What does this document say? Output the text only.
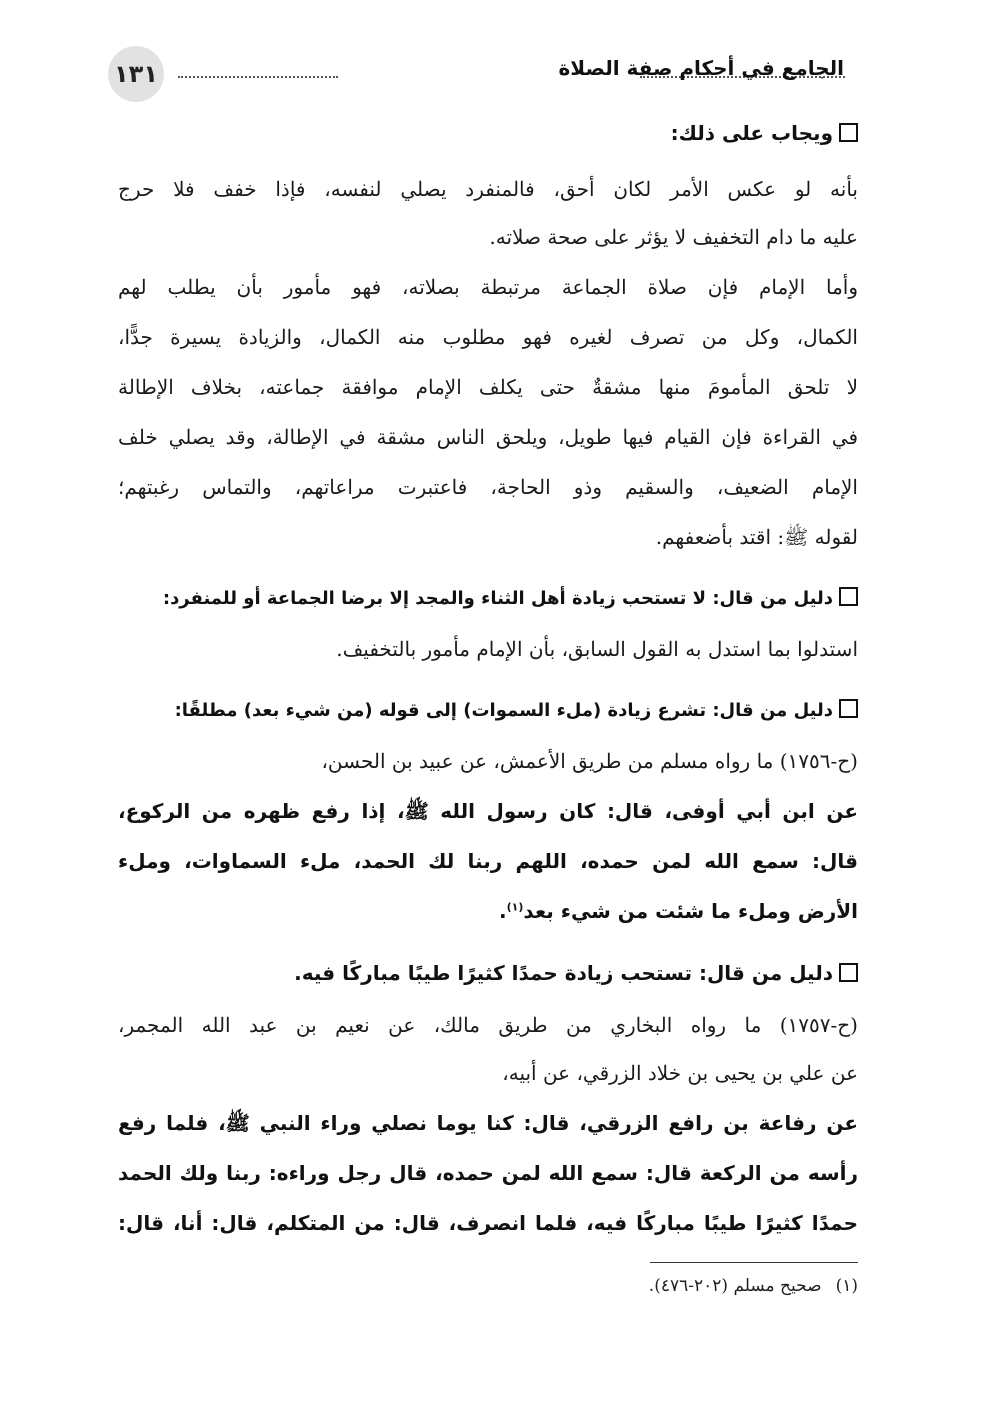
١٣١	الجامع في أحكام صفة الصلاة
ويجاب على ذلك:
بأنه لو عكس الأمر لكان أحق، فالمنفرد يصلي لنفسه، فإذا خفف فلا حرج
عليه ما دام التخفيف لا يؤثر على صحة صلاته.
وأما الإمام فإن صلاة الجماعة مرتبطة بصلاته، فهو مأمور بأن يطلب لهم
الكمال، وكل من تصرف لغيره فهو مطلوب منه الكمال، والزيادة يسيرة جدًّا،
لا تلحق المأمومَ منها مشقةٌ حتى يكلف الإمام موافقة جماعته، بخلاف الإطالة
في القراءة فإن القيام فيها طويل، ويلحق الناس مشقة في الإطالة، وقد يصلي خلف
الإمام الضعيف، والسقيم وذو الحاجة، فاعتبرت مراعاتهم، والتماس رغبتهم؛
لقوله ﷺ: اقتد بأضعفهم.
دليل من قال: لا تستحب زيادة أهل الثناء والمجد إلا برضا الجماعة أو للمنفرد:
استدلوا بما استدل به القول السابق، بأن الإمام مأمور بالتخفيف.
دليل من قال: تشرع زيادة (ملء السموات) إلى قوله (من شيء بعد) مطلقًا:
(ح-١٧٥٦) ما رواه مسلم من طريق الأعمش، عن عبيد بن الحسن،
عن ابن أبي أوفى، قال: كان رسول الله ﷺ، إذا رفع ظهره من الركوع،
قال: سمع الله لمن حمده، اللهم ربنا لك الحمد، ملء السماوات، وملء
الأرض وملء ما شئت من شيء بعد$^{(١)}$.
دليل من قال: تستحب زيادة حمدًا كثيرًا طيبًا مباركًا فيه.
(ح-١٧٥٧) ما رواه البخاري من طريق مالك، عن نعيم بن عبد الله المجمر،
عن علي بن يحيى بن خلاد الزرقي، عن أبيه،
عن رفاعة بن رافع الزرقي، قال: كنا يوما نصلي وراء النبي ﷺ، فلما رفع
رأسه من الركعة قال: سمع الله لمن حمده، قال رجل وراءه: ربنا ولك الحمد
حمدًا كثيرًا طيبًا مباركًا فيه، فلما انصرف، قال: من المتكلم، قال: أنا، قال:
(١)صحيح مسلم (٢٠٢-٤٧٦).
